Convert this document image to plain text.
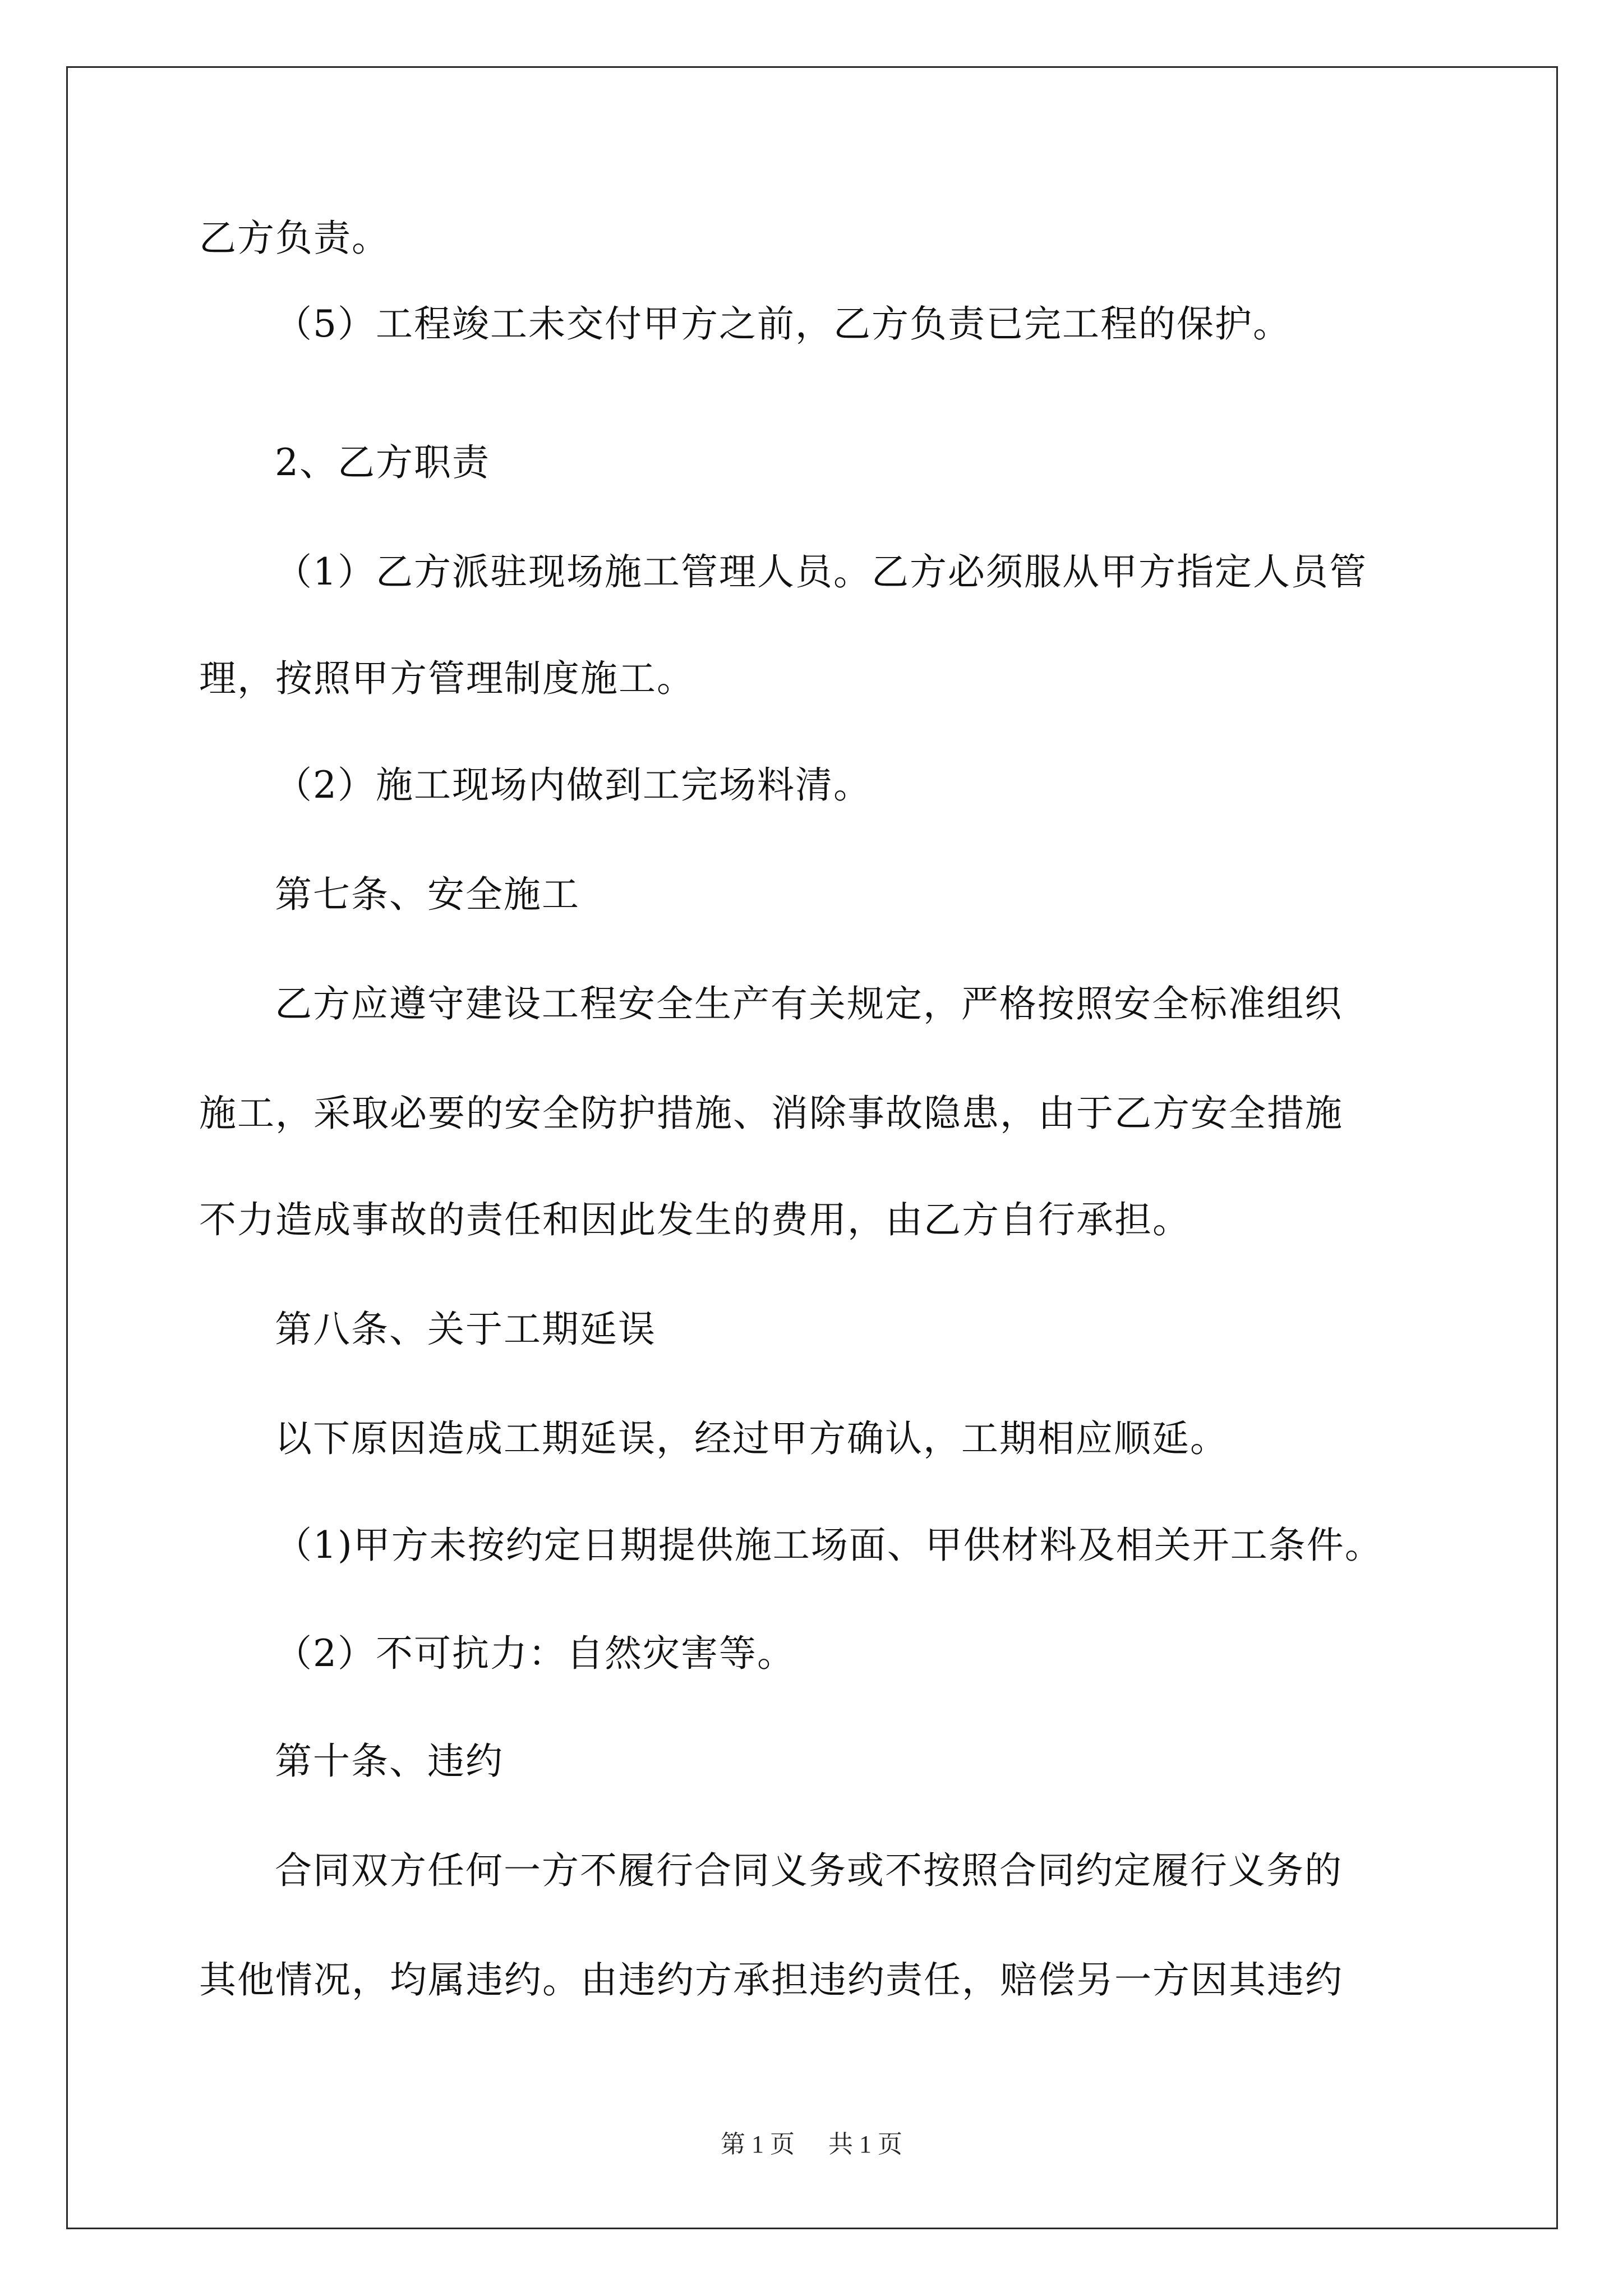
乙方负责。
（5）工程竣工未交付甲方之前，乙方负责已完工程的保护。
2、乙方职责
（1）乙方派驻现场施工管理人员。乙方必须服从甲方指定人员管
理，按照甲方管理制度施工。
（2）施工现场内做到工完场料清。
第七条、安全施工
乙方应遵守建设工程安全生产有关规定，严格按照安全标准组织
施工，采取必要的安全防护措施、消除事故隐患，由于乙方安全措施
不力造成事故的责任和因此发生的费用，由乙方自行承担。
第八条、关于工期延误
以下原因造成工期延误，经过甲方确认，工期相应顺延。
（1)甲方未按约定日期提供施工场面、甲供材料及相关开工条件。
（2）不可抗力：自然灾害等。
第十条、违约
合同双方任何一方不履行合同义务或不按照合同约定履行义务的
其他情况，均属违约。由违约方承担违约责任，赔偿另一方因其违约
第 1 页 共 1 页
